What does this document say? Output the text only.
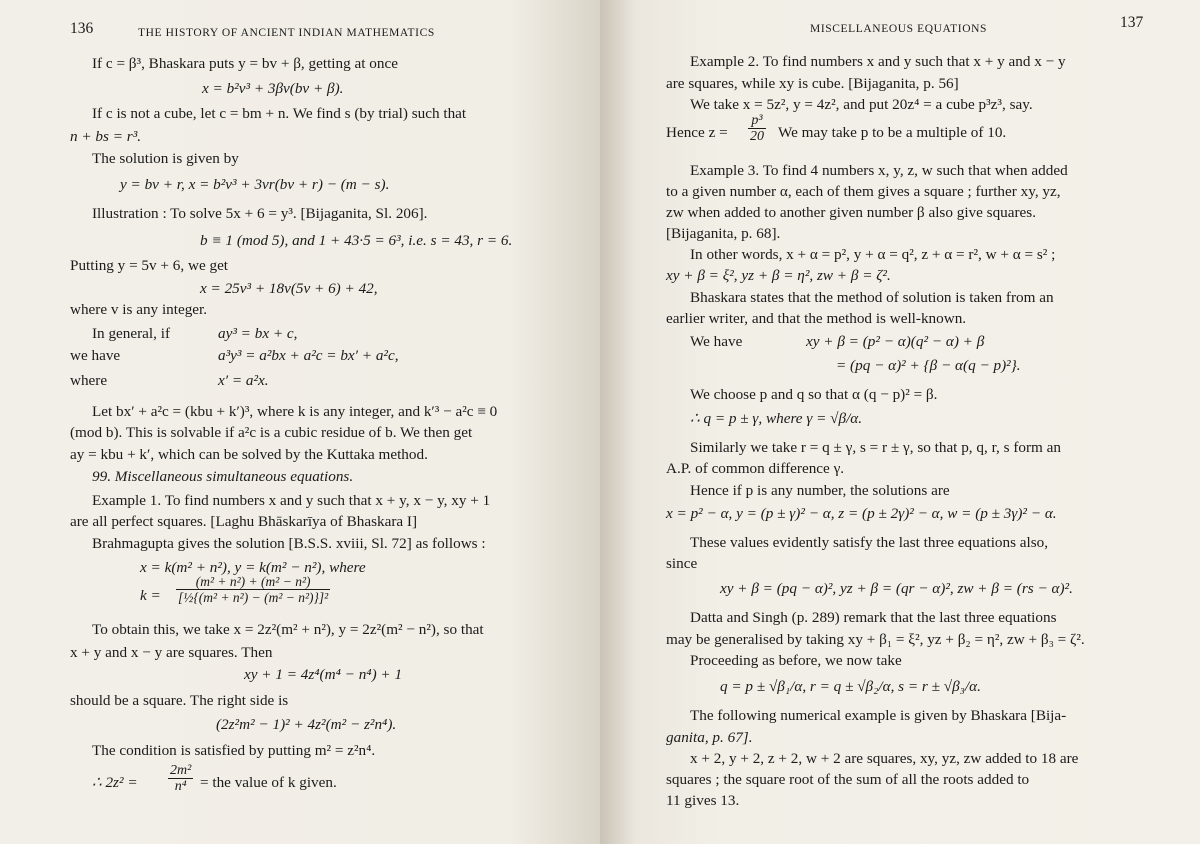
136	THE HISTORY OF ANCIENT INDIAN MATHEMATICS
If c = β³, Bhaskara puts y = bv + β, getting at once
x = b²v³ + 3βv(bv + β).
If c is not a cube, let c = bm + n. We find s (by trial) such that
n + bs = r³.
The solution is given by
y = bv + r, x = b²v³ + 3vr(bv + r) − (m − s).
Illustration : To solve 5x + 6 = y³. [Bijaganita, Sl. 206].
b ≡ 1 (mod 5), and 1 + 43·5 = 6³, i.e. s = 43, r = 6.
Putting y = 5v + 6, we get
x = 25v³ + 18v(5v + 6) + 42,
where v is any integer.
In general, if	ay³ = bx + c,
we have	a³y³ = a²bx + a²c = bx′ + a²c,
where	x′ = a²x.
Let bx′ + a²c = (kbu + k′)³, where k is any integer, and k′³ − a²c ≡ 0
(mod b). This is solvable if a²c is a cubic residue of b. We then get
ay = kbu + k′, which can be solved by the Kuttaka method.
99. Miscellaneous simultaneous equations.
Example 1. To find numbers x and y such that x + y, x − y, xy + 1
are all perfect squares. [Laghu Bhāskarīya of Bhaskara I]
Brahmagupta gives the solution [B.S.S. xviii, Sl. 72] as follows :
x = k(m² + n²), y = k(m² − n²), where
$k = \frac{\text{(m² + n²) + (m² − n²)}}{\text{[½\{(m² + n²) − (m² − n²)\}]²}}$
To obtain this, we take x = 2z²(m² + n²), y = 2z²(m² − n²), so that
x + y and x − y are squares. Then
xy + 1 = 4z⁴(m⁴ − n⁴) + 1
should be a square. The right side is
(2z²m² − 1)² + 4z²(m² − z²n⁴).
The condition is satisfied by putting m² = z²n⁴.
∴ $2z^2 = \frac{\text{2m²}}{\text{n⁴}}$ = the value of k given.
MISCELLANEOUS EQUATIONS	137
Example 2. To find numbers x and y such that x + y and x − y
are squares, while xy is cube. [Bijaganita, p. 56]
We take x = 5z², y = 4z², and put 20z⁴ = a cube p³z³, say.
Hence $z = \frac{\text{p³}}{20}$ We may take p to be a multiple of 10.
Example 3. To find 4 numbers x, y, z, w such that when added
to a given number α, each of them gives a square ; further xy, yz,
zw when added to another given number β also give squares.
[Bijaganita, p. 68].
In other words, x + α = p², y + α = q², z + α = r², w + α = s² ;
xy + β = ξ², yz + β = η², zw + β = ζ².
Bhaskara states that the method of solution is taken from an
earlier writer, and that the method is well-known.
We have	xy + β = (p² − α)(q² − α) + β
= (pq − α)² + {β − α(q − p)²}.
We choose p and q so that α (q − p)² = β.
∴ q = p ± γ, where γ = √β/α.
Similarly we take r = q ± γ, s = r ± γ, so that p, q, r, s form an
A.P. of common difference γ.
Hence if p is any number, the solutions are
x = p² − α, y = (p ± γ)² − α, z = (p ± 2γ)² − α, w = (p ± 3γ)² − α.
These values evidently satisfy the last three equations also,
since
xy + β = (pq − α)², yz + β = (qr − α)², zw + β = (rs − α)².
Datta and Singh (p. 289) remark that the last three equations
may be generalised by taking xy + β₁ = ξ², yz + β₂ = η², zw + β₃ = ζ².
Proceeding as before, we now take
q = p ± √β₁/α, r = q ± √β₂/α, s = r ± √β₃/α.
The following numerical example is given by Bhaskara [Bija-
ganita, p. 67].
x + 2, y + 2, z + 2, w + 2 are squares, xy, yz, zw added to 18 are
squares ; the square root of the sum of all the roots added to
11 gives 13.
